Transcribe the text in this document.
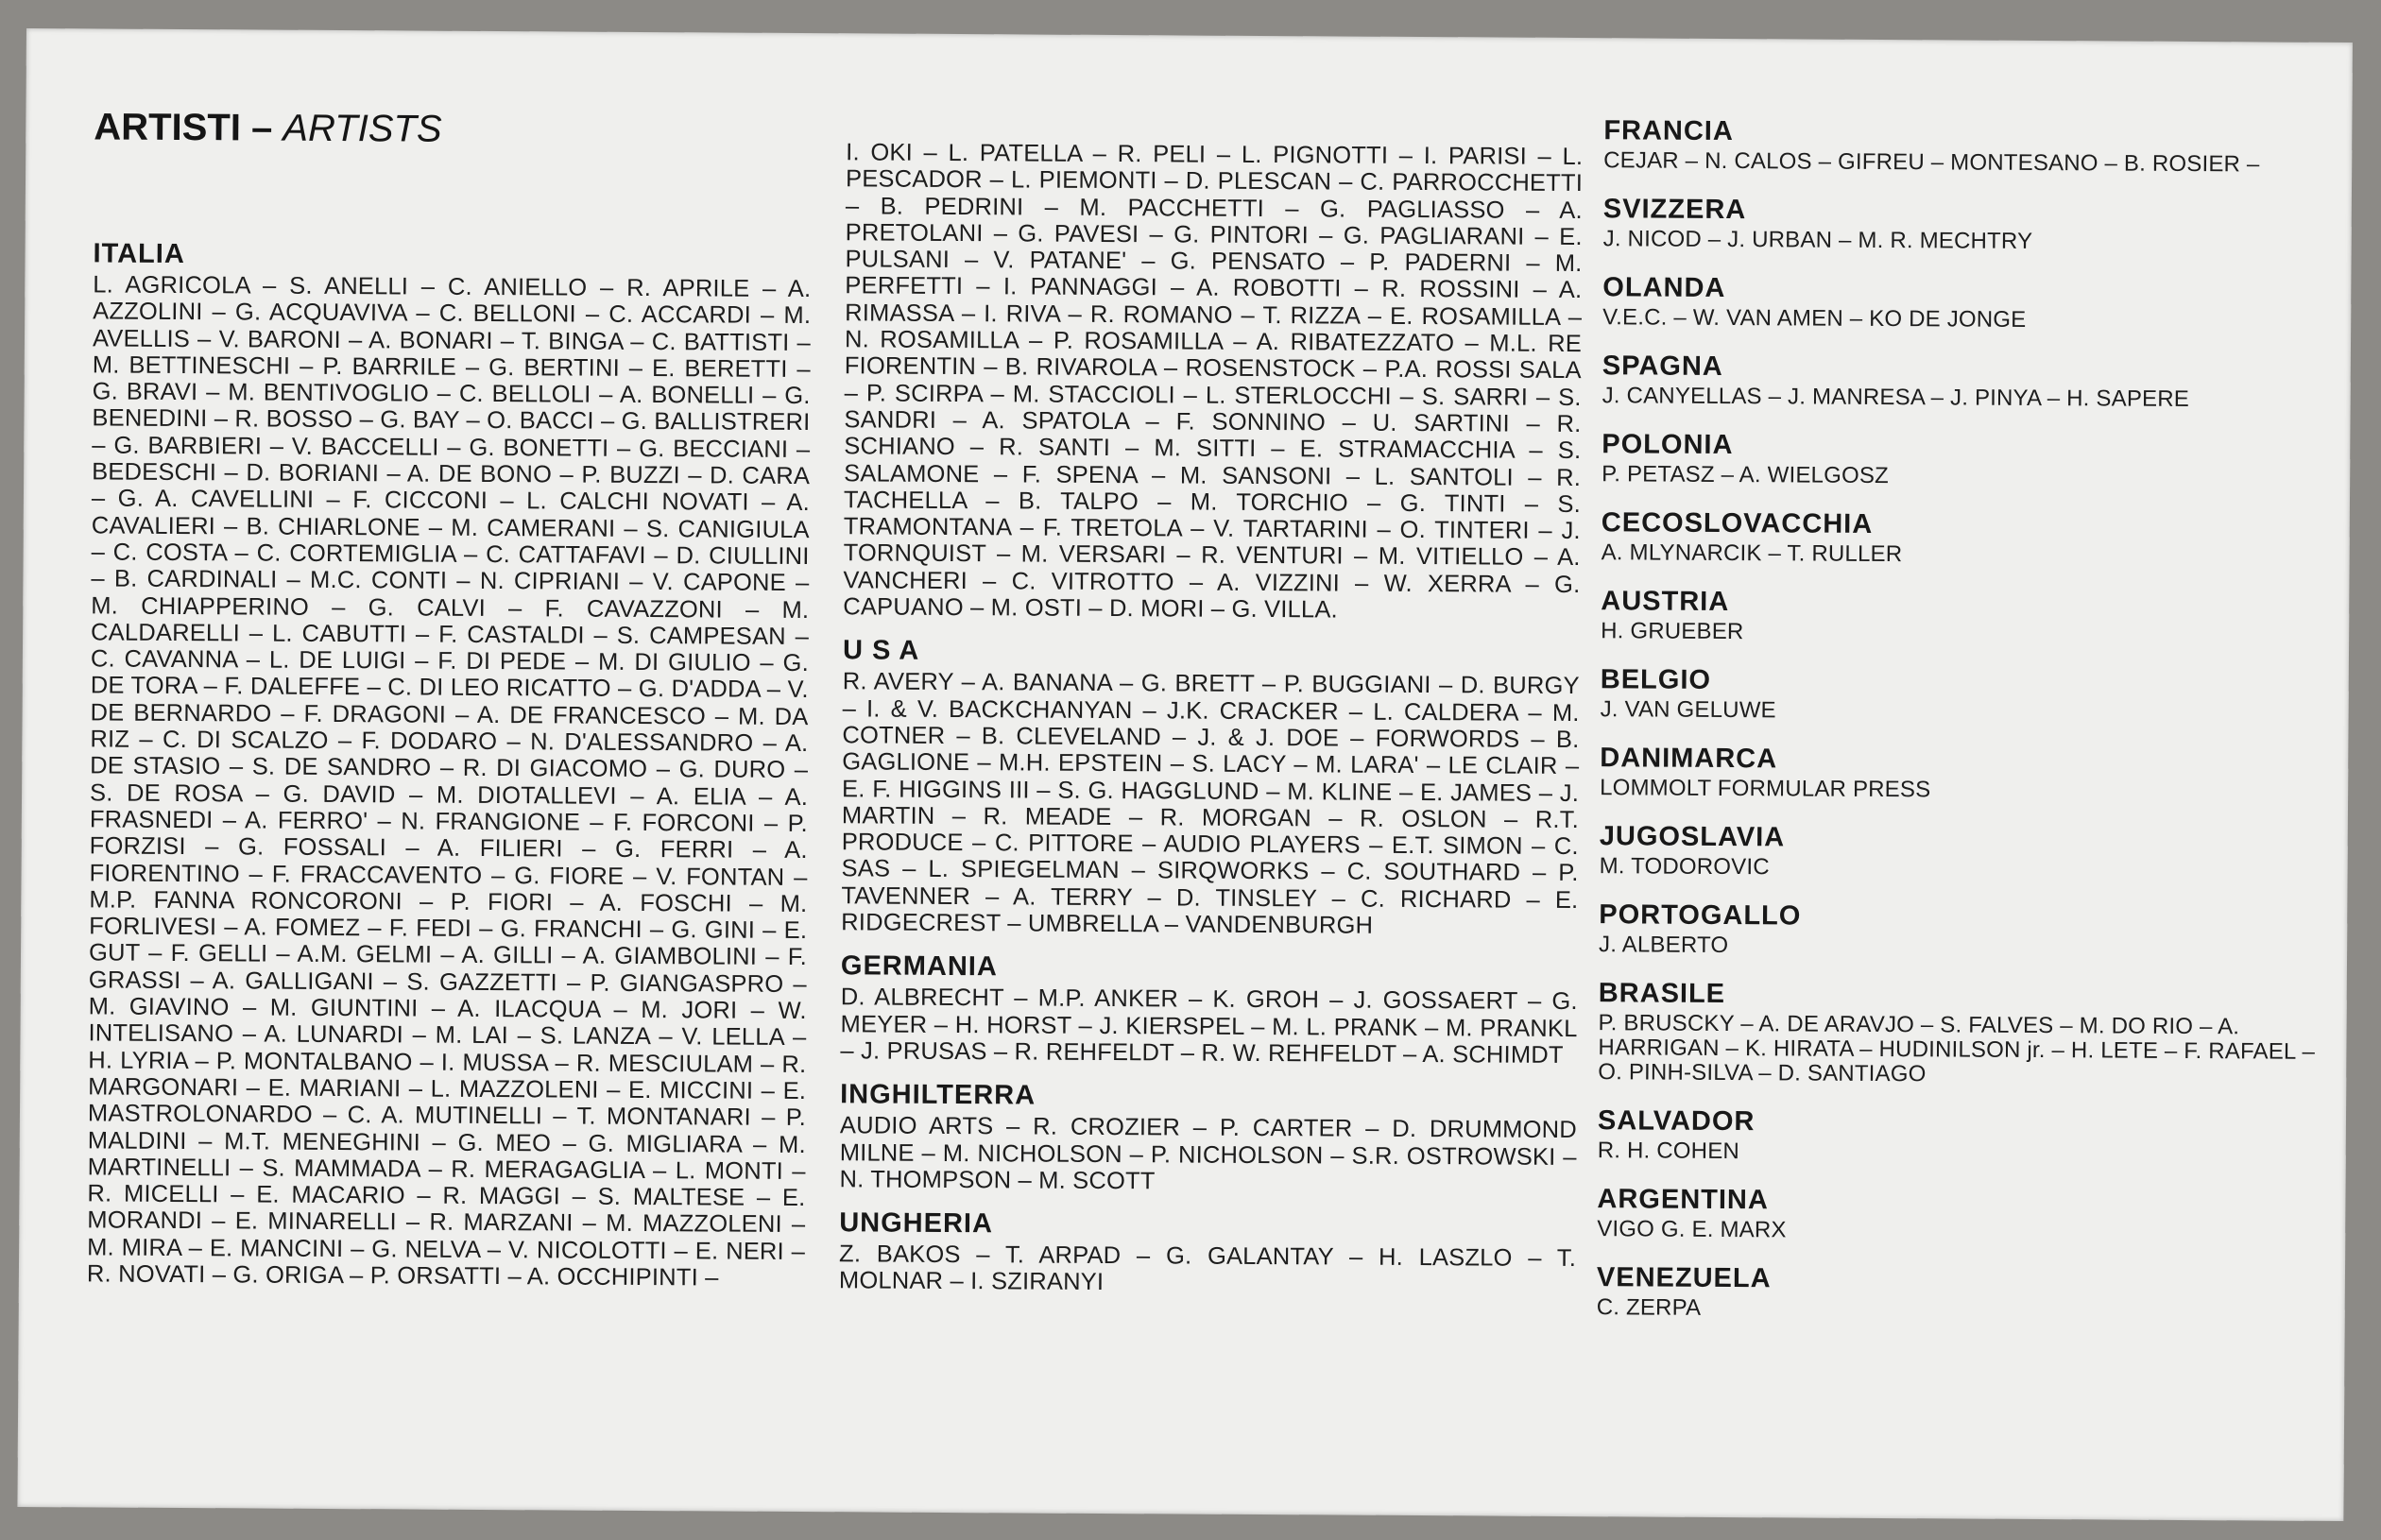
ARTISTI – ARTISTS
ITALIA

L. AGRICOLA – S. ANELLI – C. ANIELLO – R. APRILE – A. AZZOLINI – G. ACQUAVIVA – C. BELLONI – C. ACCARDI – M. AVELLIS – V. BARONI – A. BONARI – T. BINGA – C. BATTISTI – M. BETTINESCHI – P. BARRILE – G. BERTINI – E. BERETTI – G. BRAVI – M. BENTIVOGLIO – C. BELLOLI – A. BONELLI – G. BENEDINI – R. BOSSO – G. BAY – O. BACCI – G. BALLISTRERI – G. BARBIERI – V. BACCELLI – G. BONETTI – G. BECCIANI – BEDESCHI – D. BORIANI – A. DE BONO – P. BUZZI – D. CARA – G. A. CAVELLINI – F. CICCONI – L. CALCHI NOVATI – A. CAVALIERI – B. CHIARLONE – M. CAMERANI – S. CANIGIULA – C. COSTA – C. CORTEMIGLIA – C. CATTAFAVI – D. CIULLINI – B. CARDINALI – M.C. CONTI – N. CIPRIANI – V. CAPONE – M. CHIAPPERINO – G. CALVI – F. CAVAZZONI – M. CALDARELLI – L. CABUTTI – F. CASTALDI – S. CAMPESAN – C. CAVANNA – L. DE LUIGI – F. DI PEDE – M. DI GIULIO – G. DE TORA – F. DALEFFE – C. DI LEO RICATTO – G. D'ADDA – V. DE BERNARDO – F. DRAGONI – A. DE FRANCESCO – M. DA RIZ – C. DI SCALZO – F. DODARO – N. D'ALESSANDRO – A. DE STASIO – S. DE SANDRO – R. DI GIACOMO – G. DURO – S. DE ROSA – G. DAVID – M. DIOTALLEVI – A. ELIA – A. FRASNEDI – A. FERRO' – N. FRANGIONE – F. FORCONI – P. FORZISI – G. FOSSALI – A. FILIERI – G. FERRI – A. FIORENTINO – F. FRACCAVENTO – G. FIORE – V. FONTAN – M.P. FANNA RONCORONI – P. FIORI – A. FOSCHI – M. FORLIVESI – A. FOMEZ – F. FEDI – G. FRANCHI – G. GINI – E. GUT – F. GELLI – A.M. GELMI – A. GILLI – A. GIAMBOLINI – F. GRASSI – A. GALLIGANI – S. GAZZETTI – P. GIANGASPRO – M. GIAVINO – M. GIUNTINI – A. ILACQUA – M. JORI – W. INTELISANO – A. LUNARDI – M. LAI – S. LANZA – V. LELLA – H. LYRIA – P. MONTALBANO – I. MUSSA – R. MESCIULAM – R. MARGONARI – E. MARIANI – L. MAZZOLENI – E. MICCINI – E. MASTROLONARDO – C. A. MUTINELLI – T. MONTANARI – P. MALDINI – M.T. MENEGHINI – G. MEO – G. MIGLIARA – M. MARTINELLI – S. MAMMADA – R. MERAGAGLIA – L. MONTI – R. MICELLI – E. MACARIO – R. MAGGI – S. MALTESE – E. MORANDI – E. MINARELLI – R. MARZANI – M. MAZZOLENI – M. MIRA – E. MANCINI – G. NELVA – V. NICOLOTTI – E. NERI – R. NOVATI – G. ORIGA – P. ORSATTI – A. OCCHIPINTI –

I. OKI – L. PATELLA – R. PELI – L. PIGNOTTI – I. PARISI – L. PESCADOR – L. PIEMONTI – D. PLESCAN – C. PARROCCHETTI – B. PEDRINI – M. PACCHETTI – G. PAGLIASSO – A. PRETOLANI – G. PAVESI – G. PINTORI – G. PAGLIARANI – E. PULSANI – V. PATANE' – G. PENSATO – P. PADERNI – M. PERFETTI – I. PANNAGGI – A. ROBOTTI – R. ROSSINI – A. RIMASSA – I. RIVA – R. ROMANO – T. RIZZA – E. ROSAMILLA – N. ROSAMILLA – P. ROSAMILLA – A. RIBATEZZATO – M.L. RE FIORENTIN – B. RIVAROLA – ROSENSTOCK – P.A. ROSSI SALA – P. SCIRPA – M. STACCIOLI – L. STERLOCCHI – S. SARRI – S. SANDRI – A. SPATOLA – F. SONNINO – U. SARTINI – R. SCHIANO – R. SANTI – M. SITTI – E. STRAMACCHIA – S. SALAMONE – F. SPENA – M. SANSONI – L. SANTOLI – R. TACHELLA – B. TALPO – M. TORCHIO – G. TINTI – S. TRAMONTANA – F. TRETOLA – V. TARTARINI – O. TINTERI – J. TORNQUIST – M. VERSARI – R. VENTURI – M. VITIELLO – A. VANCHERI – C. VITROTTO – A. VIZZINI – W. XERRA – G. CAPUANO – M. OSTI – D. MORI – G. VILLA.

U S A

R. AVERY – A. BANANA – G. BRETT – P. BUGGIANI – D. BURGY – I. & V. BACKCHANYAN – J.K. CRACKER – L. CALDERA – M. COTNER – B. CLEVELAND – J. & J. DOE – FORWORDS – B. GAGLIONE – M.H. EPSTEIN – S. LACY – M. LARA' – LE CLAIR – E. F. HIGGINS III – S. G. HAGGLUND – M. KLINE – E. JAMES – J. MARTIN – R. MEADE – R. MORGAN – R. OSLON – R.T. PRODUCE – C. PITTORE – AUDIO PLAYERS – E.T. SIMON – C. SAS – L. SPIEGELMAN – SIRQWORKS – C. SOUTHARD – P. TAVENNER – A. TERRY – D. TINSLEY – C. RICHARD – E. RIDGECREST – UMBRELLA – VANDENBURGH

GERMANIA

D. ALBRECHT – M.P. ANKER – K. GROH – J. GOSSAERT – G. MEYER – H. HORST – J. KIERSPEL – M. L. PRANK – M. PRANKL – J. PRUSAS – R. REHFELDT – R. W. REHFELDT – A. SCHIMDT

INGHILTERRA

AUDIO ARTS – R. CROZIER – P. CARTER – D. DRUMMOND MILNE – M. NICHOLSON – P. NICHOLSON – S.R. OSTROWSKI – N. THOMPSON – M. SCOTT

UNGHERIA

Z. BAKOS – T. ARPAD – G. GALANTAY – H. LASZLO – T. MOLNAR – I. SZIRANYI

FRANCIA

CEJAR – N. CALOS – GIFREU – MONTESANO – B. ROSIER –

SVIZZERA

J. NICOD – J. URBAN – M. R. MECHTRY

OLANDA

V.E.C. – W. VAN AMEN – KO DE JONGE

SPAGNA

J. CANYELLAS – J. MANRESA – J. PINYA – H. SAPERE

POLONIA

P. PETASZ – A. WIELGOSZ

CECOSLOVACCHIA

A. MLYNARCIK – T. RULLER

AUSTRIA

H. GRUEBER

BELGIO

J. VAN GELUWE

DANIMARCA

LOMMOLT FORMULAR PRESS

JUGOSLAVIA

M. TODOROVIC

PORTOGALLO

J. ALBERTO

BRASILE

P. BRUSCKY – A. DE ARAVJO – S. FALVES – M. DO RIO – A. HARRIGAN – K. HIRATA – HUDINILSON jr. – H. LETE – F. RAFAEL – O. PINH-SILVA – D. SANTIAGO

SALVADOR

R. H. COHEN

ARGENTINA

VIGO G. E. MARX

VENEZUELA

C. ZERPA
